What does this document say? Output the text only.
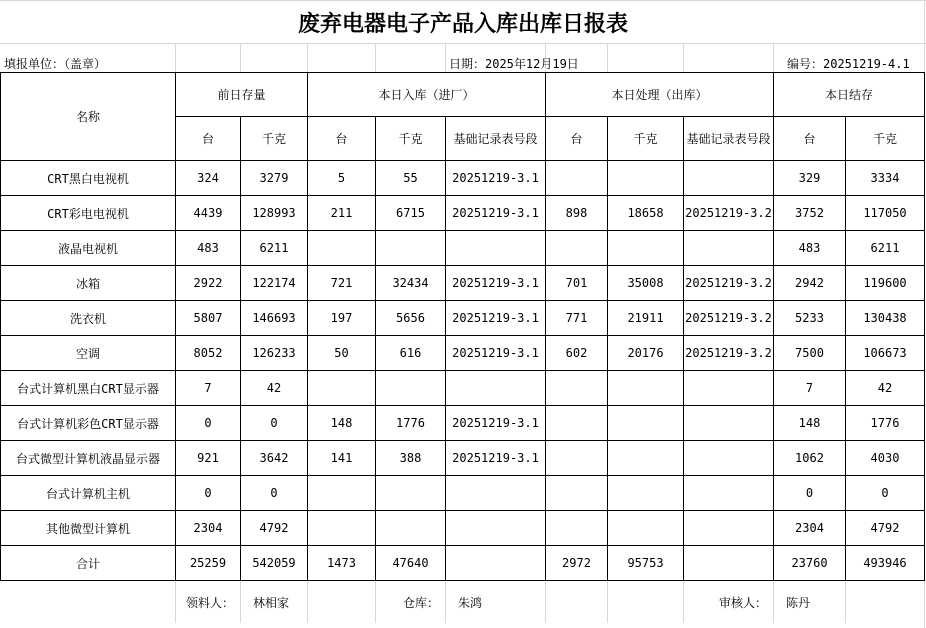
废弃电器电子产品入库出库日报表
填报单位：（盖章）	日期：2025年12月19日	编号：20251219-4.1
名称	前日存量		本日入库（进厂）			本日处理（出库）			本日结存	
	台	千克	台	千克	基础记录表号段	台	千克	基础记录表号段	台	千克
CRT黑白电视机	324	3279	5	55	20251219-3.1				329	3334
CRT彩电电视机	4439	128993	211	6715	20251219-3.1	898	18658	20251219-3.2	3752	117050
液晶电视机	483	6211							483	6211
冰箱	2922	122174	721	32434	20251219-3.1	701	35008	20251219-3.2	2942	119600
洗衣机	5807	146693	197	5656	20251219-3.1	771	21911	20251219-3.2	5233	130438
空调	8052	126233	50	616	20251219-3.1	602	20176	20251219-3.2	7500	106673
台式计算机黑白CRT显示器	7	42							7	42
台式计算机彩色CRT显示器	0	0	148	1776	20251219-3.1				148	1776
台式微型计算机液晶显示器	921	3642	141	388	20251219-3.1				1062	4030
台式计算机主机	0	0							0	0
其他微型计算机	2304	4792							2304	4792
合计	25259	542059	1473	47640		2972	95753		23760	493946
	领料人：	林相家		仓库：	朱鸿			审核人：	陈丹	
